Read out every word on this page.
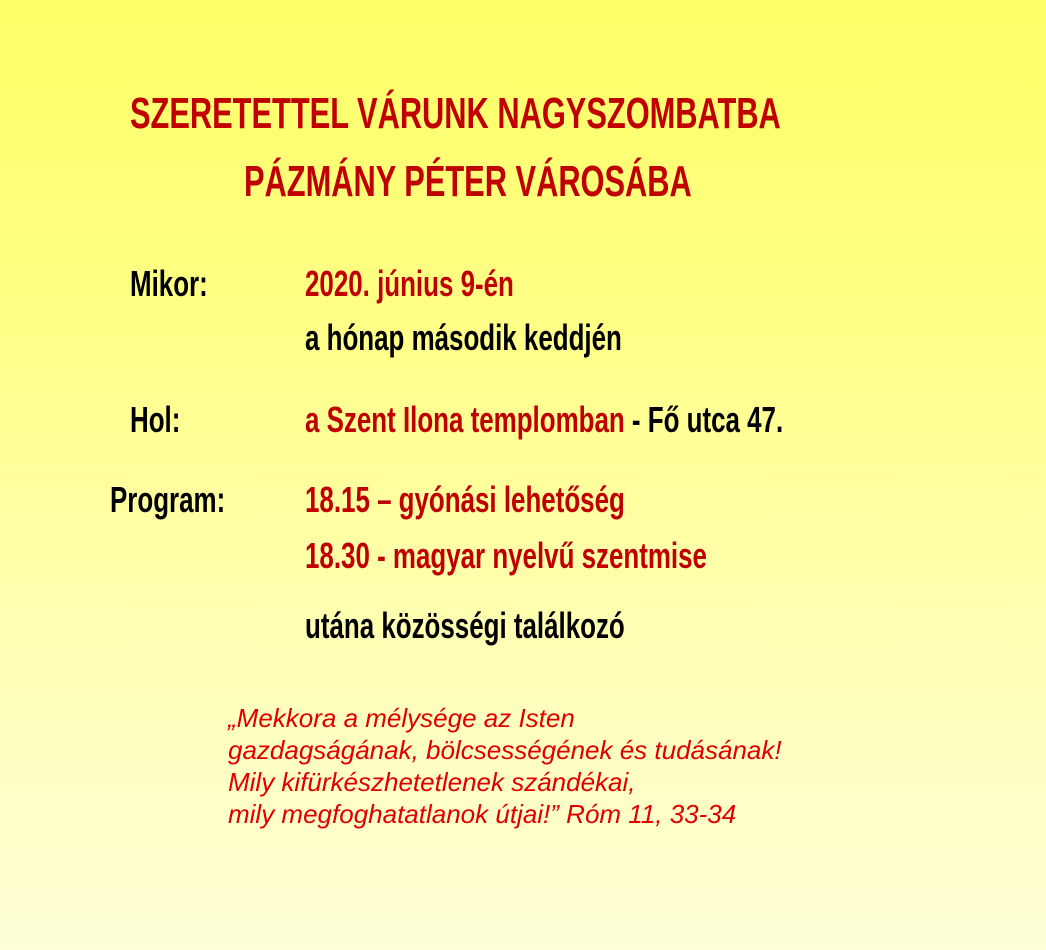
SZERETETTEL VÁRUNK NAGYSZOMBATBA
PÁZMÁNY PÉTER VÁROSÁBA
Mikor:	2020. június 9-én
a hónap második keddjén
Hol:	a Szent Ilona templomban - Fő utca 47.
Program: 18.15 – gyónási lehetőség
18.30 - magyar nyelvű szentmise
utána közösségi találkozó
„Mekkora a mélysége az Isten
gazdagságának, bölcsességének és tudásának!
Mily kifürkészhetetlenek szándékai,
mily megfoghatatlanok útjai!” Róm 11, 33-34
